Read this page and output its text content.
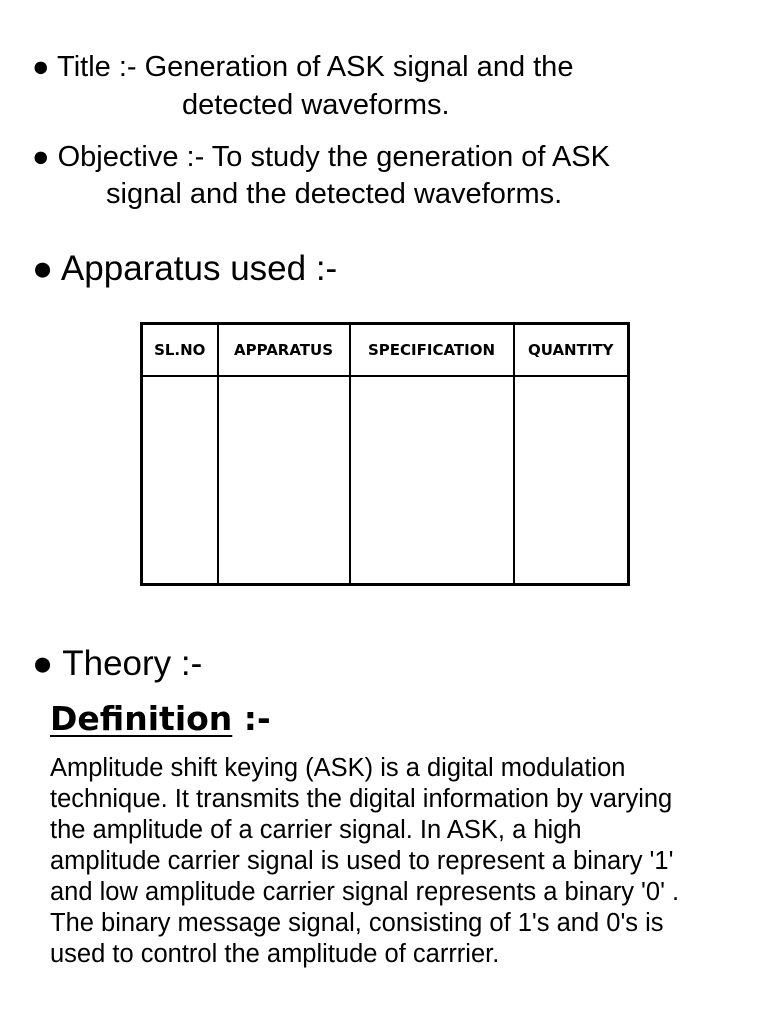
● Title :- Generation of ASK signal and the
detected waveforms.
● Objective :- To study the generation of ASK
signal and the detected waveforms.
● Apparatus used :-
SL.NO	APPARATUS	SPECIFICATION	QUANTITY

● Theory :-
Definition :-
Amplitude shift keying (ASK) is a digital modulation
technique. It transmits the digital information by varying
the amplitude of a carrier signal. In ASK, a high
amplitude carrier signal is used to represent a binary '1'
and low amplitude carrier signal represents a binary '0' .
The binary message signal, consisting of 1's and 0's is
used to control the amplitude of carrrier.
